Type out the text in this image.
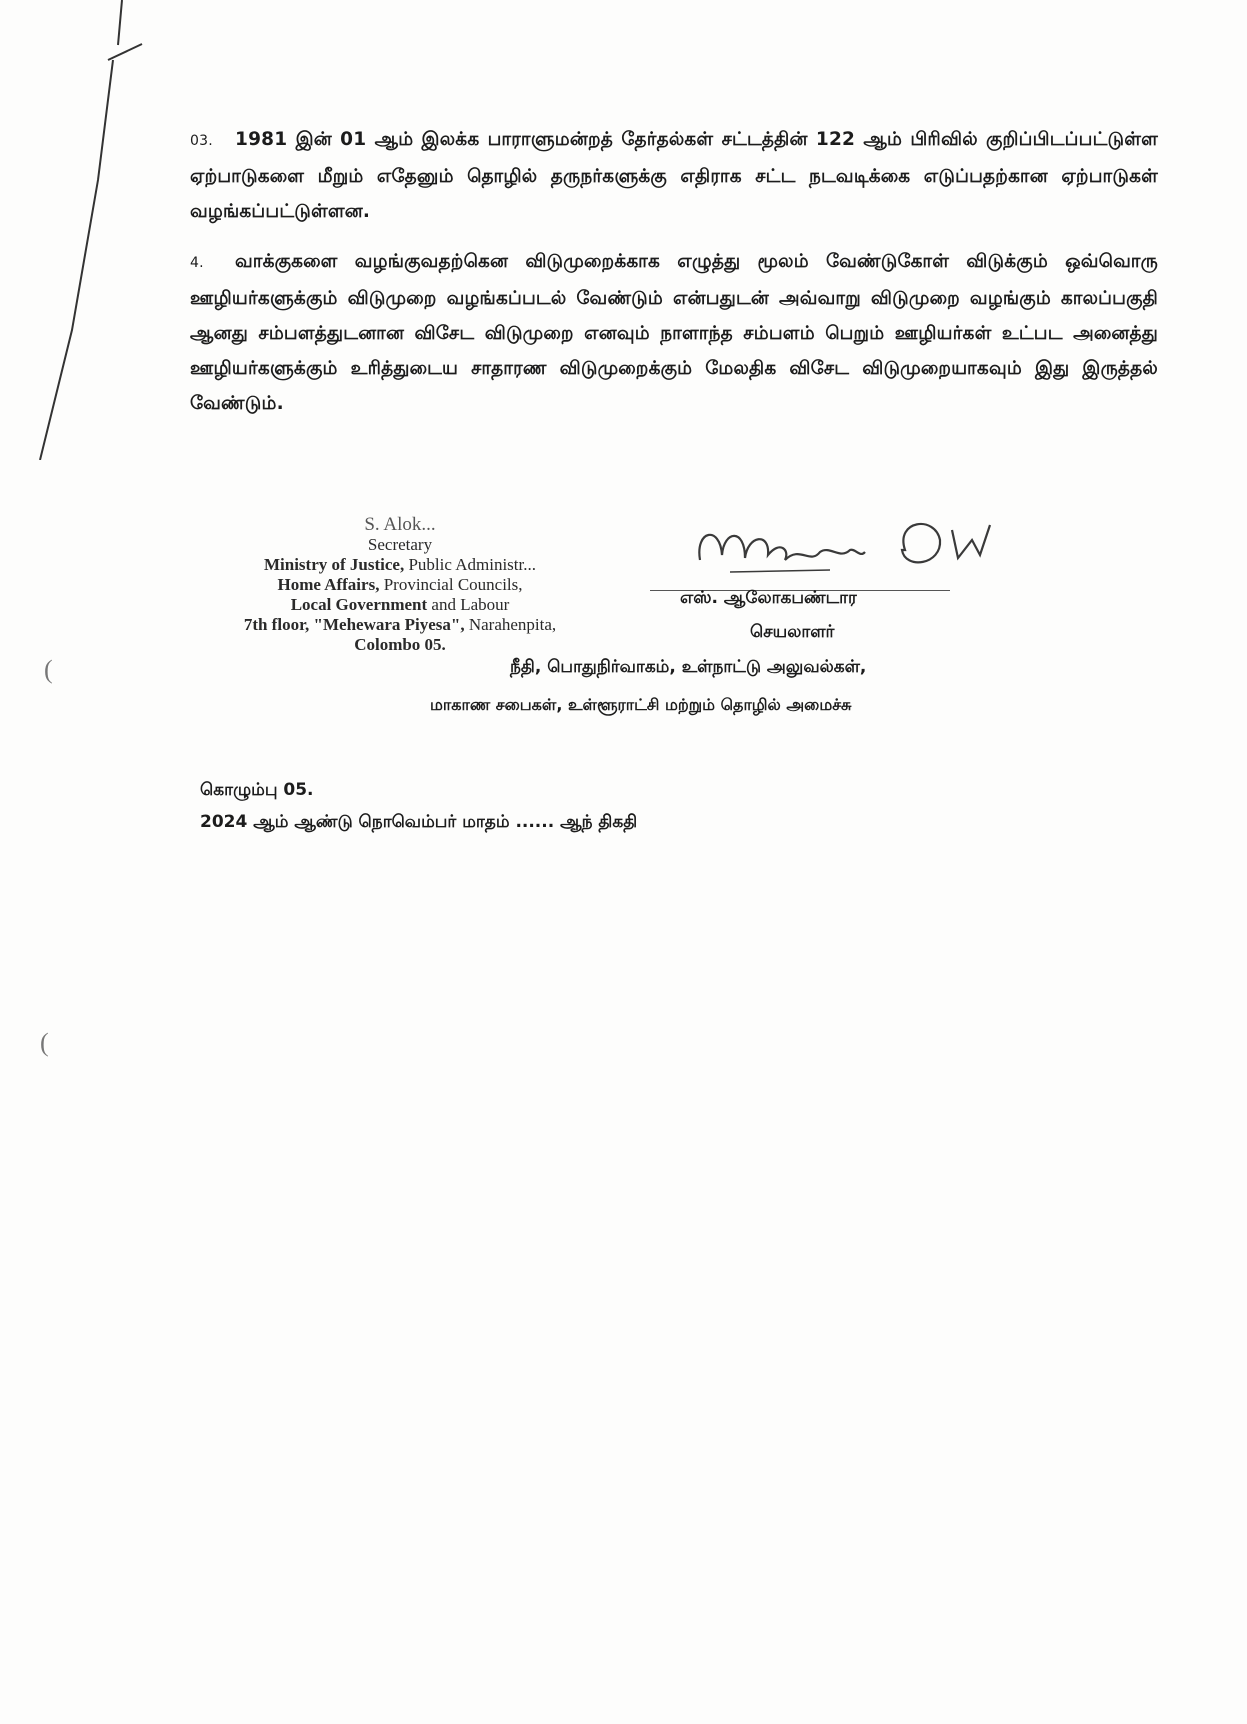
03. 1981 இன் 01 ஆம் இலக்க பாராளுமன்றத் தேர்தல்கள் சட்டத்தின் 122 ஆம் பிரிவில் குறிப்பிடப்பட்டுள்ள ஏற்பாடுகளை மீறும் எதேனும் தொழில் தருநர்களுக்கு எதிராக சட்ட நடவடிக்கை எடுப்பதற்கான ஏற்பாடுகள் வழங்கப்பட்டுள்ளன.
4. வாக்குகளை வழங்குவதற்கென விடுமுறைக்காக எழுத்து மூலம் வேண்டுகோள் விடுக்கும் ஒவ்வொரு ஊழியர்களுக்கும் விடுமுறை வழங்கப்படல் வேண்டும் என்பதுடன் அவ்வாறு விடுமுறை வழங்கும் காலப்பகுதி ஆனது சம்பளத்துடனான விசேட விடுமுறை எனவும் நாளாந்த சம்பளம் பெறும் ஊழியர்கள் உட்பட அனைத்து ஊழியர்களுக்கும் உரித்துடைய சாதாரண விடுமுறைக்கும் மேலதிக விசேட விடுமுறையாகவும் இது இருத்தல் வேண்டும்.
S. Alok...
Secretary
Ministry of Justice, Public Administr...
Home Affairs, Provincial Councils,
Local Government and Labour
7th floor, "Mehewara Piyesa", Narahenpita,
Colombo 05.
எஸ். ஆலோகபண்டார
செயலாளர்
நீதி, பொதுநிர்வாகம், உள்நாட்டு அலுவல்கள்,
மாகாண சபைகள், உள்ளூராட்சி மற்றும் தொழில் அமைச்சு
கொழும்பு 05.
2024 ஆம் ஆண்டு நொவெம்பர் மாதம் ...... ஆந் திகதி
(
(
